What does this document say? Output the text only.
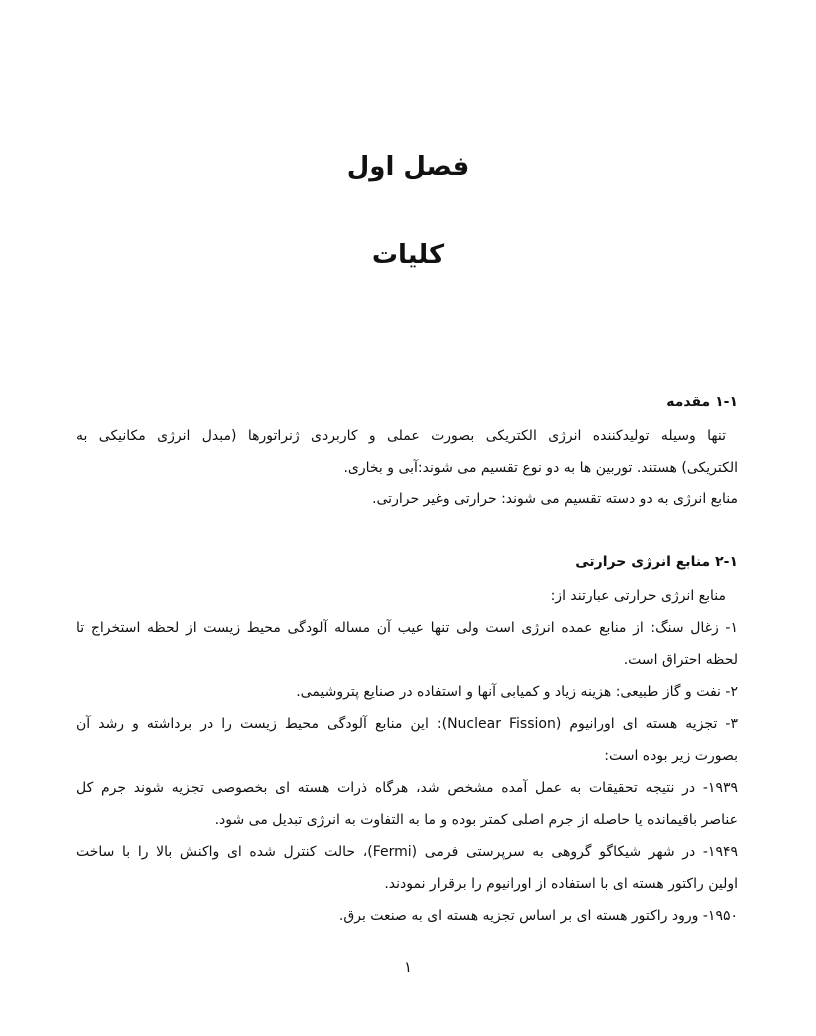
فصل اول
کلیات
۱-۱ مقدمه
تنها وسیله تولیدکننده انرژی الکتریکی بصورت عملی و کاربردی ژنراتورها (مبدل انرژی مکانیکی به
الکتریکی) هستند. توربین ها به دو نوع تقسیم می شوند:آبی و بخاری.
منابع انرژی به دو دسته تقسیم می شوند: حرارتی وغیر حرارتی.
۲-۱ منابع انرژی حرارتی
منابع انرژی حرارتی عبارتند از:
۱- زغال سنگ: از منابع عمده انرژی است ولی تنها عیب آن مساله آلودگی محیط زیست از لحظه استخراج تا
لحظه احتراق است.
۲- نفت و گاز طبیعی: هزینه زیاد و کمیابی آنها و استفاده در صنایع پتروشیمی.
۳- تجزیه هسته ای اورانیوم (Nuclear Fission): این منابع آلودگی محیط زیست را در برداشته و رشد آن
بصورت زیر بوده است:
۱۹۳۹- در نتیجه تحقیقات به عمل آمده مشخص شد، هرگاه ذرات هسته ای بخصوصی تجزیه شوند جرم کل
عناصر باقیمانده یا حاصله از جرم اصلی کمتر بوده و ما به التفاوت به انرژی تبدیل می شود.
۱۹۴۹- در شهر شیکاگو گروهی به سرپرستی فرمی (Fermi)، حالت کنترل شده ای واکنش بالا را با ساخت
اولین راکتور هسته ای با استفاده از اورانیوم را برقرار نمودند.
۱۹۵۰- ورود راکتور هسته ای بر اساس تجزیه هسته ای به صنعت برق.
۱
